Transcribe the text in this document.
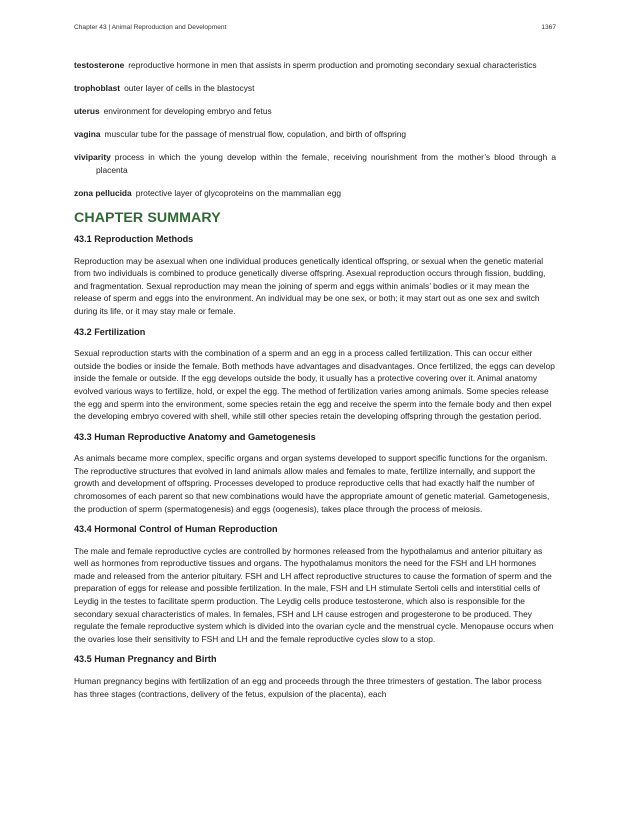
Chapter 43 | Animal Reproduction and Development	1367

testosterone reproductive hormone in men that assists in sperm production and promoting secondary sexual characteristics

trophoblast outer layer of cells in the blastocyst

uterus environment for developing embryo and fetus

vagina muscular tube for the passage of menstrual flow, copulation, and birth of offspring

viviparity process in which the young develop within the female, receiving nourishment from the mother’s blood through a placenta

zona pellucida protective layer of glycoproteins on the mammalian egg

CHAPTER SUMMARY
43.1 Reproduction Methods

Reproduction may be asexual when one individual produces genetically identical offspring, or sexual when the genetic material from two individuals is combined to produce genetically diverse offspring. Asexual reproduction occurs through fission, budding, and fragmentation. Sexual reproduction may mean the joining of sperm and eggs within animals’ bodies or it may mean the release of sperm and eggs into the environment. An individual may be one sex, or both; it may start out as one sex and switch during its life, or it may stay male or female.

43.2 Fertilization

Sexual reproduction starts with the combination of a sperm and an egg in a process called fertilization. This can occur either outside the bodies or inside the female. Both methods have advantages and disadvantages. Once fertilized, the eggs can develop inside the female or outside. If the egg develops outside the body, it usually has a protective covering over it. Animal anatomy evolved various ways to fertilize, hold, or expel the egg. The method of fertilization varies among animals. Some species release the egg and sperm into the environment, some species retain the egg and receive the sperm into the female body and then expel the developing embryo covered with shell, while still other species retain the developing offspring through the gestation period.

43.3 Human Reproductive Anatomy and Gametogenesis

As animals became more complex, specific organs and organ systems developed to support specific functions for the organism. The reproductive structures that evolved in land animals allow males and females to mate, fertilize internally, and support the growth and development of offspring. Processes developed to produce reproductive cells that had exactly half the number of chromosomes of each parent so that new combinations would have the appropriate amount of genetic material. Gametogenesis, the production of sperm (spermatogenesis) and eggs (oogenesis), takes place through the process of meiosis.

43.4 Hormonal Control of Human Reproduction

The male and female reproductive cycles are controlled by hormones released from the hypothalamus and anterior pituitary as well as hormones from reproductive tissues and organs. The hypothalamus monitors the need for the FSH and LH hormones made and released from the anterior pituitary. FSH and LH affect reproductive structures to cause the formation of sperm and the preparation of eggs for release and possible fertilization. In the male, FSH and LH stimulate Sertoli cells and interstitial cells of Leydig in the testes to facilitate sperm production. The Leydig cells produce testosterone, which also is responsible for the secondary sexual characteristics of males. In females, FSH and LH cause estrogen and progesterone to be produced. They regulate the female reproductive system which is divided into the ovarian cycle and the menstrual cycle. Menopause occurs when the ovaries lose their sensitivity to FSH and LH and the female reproductive cycles slow to a stop.

43.5 Human Pregnancy and Birth

Human pregnancy begins with fertilization of an egg and proceeds through the three trimesters of gestation. The labor process has three stages (contractions, delivery of the fetus, expulsion of the placenta), each
